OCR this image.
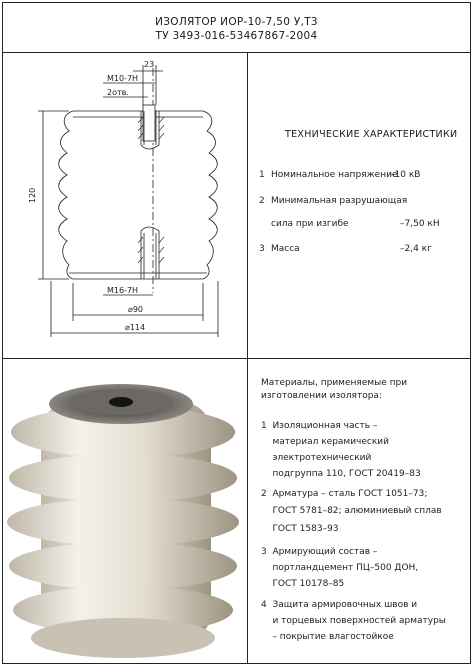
ИЗОЛЯТОР ИОР-10-7,50 У,Т3
ТУ 3493-016-53467867-2004
23
М10-7Н
2отв.
120
М16-7Н
⌀90
⌀114
ТЕХНИЧЕСКИЕ ХАРАКТЕРИСТИКИ
1 Номинальное напряжение
–10 кВ
2 Минимальная разрушающая
сила при изгибе	–7,50 кН
3 Масса	–2,4 кг
Материалы, применяемые при
изготовлении изолятора:
1  Изоляционная часть –
материал керамический
электротехнический
подгруппа 110, ГОСТ 20419–83
2  Арматура – сталь ГОСТ 1051–73;
ГОСТ 5781–82; алюминиевый сплав
ГОСТ 1583–93
3  Армирующий состав –
портландцемент ПЦ–500 ДОН,
ГОСТ 10178–85
4  Защита армировочных швов и
и торцевых поверхностей арматуры
– покрытие влагостойкое
